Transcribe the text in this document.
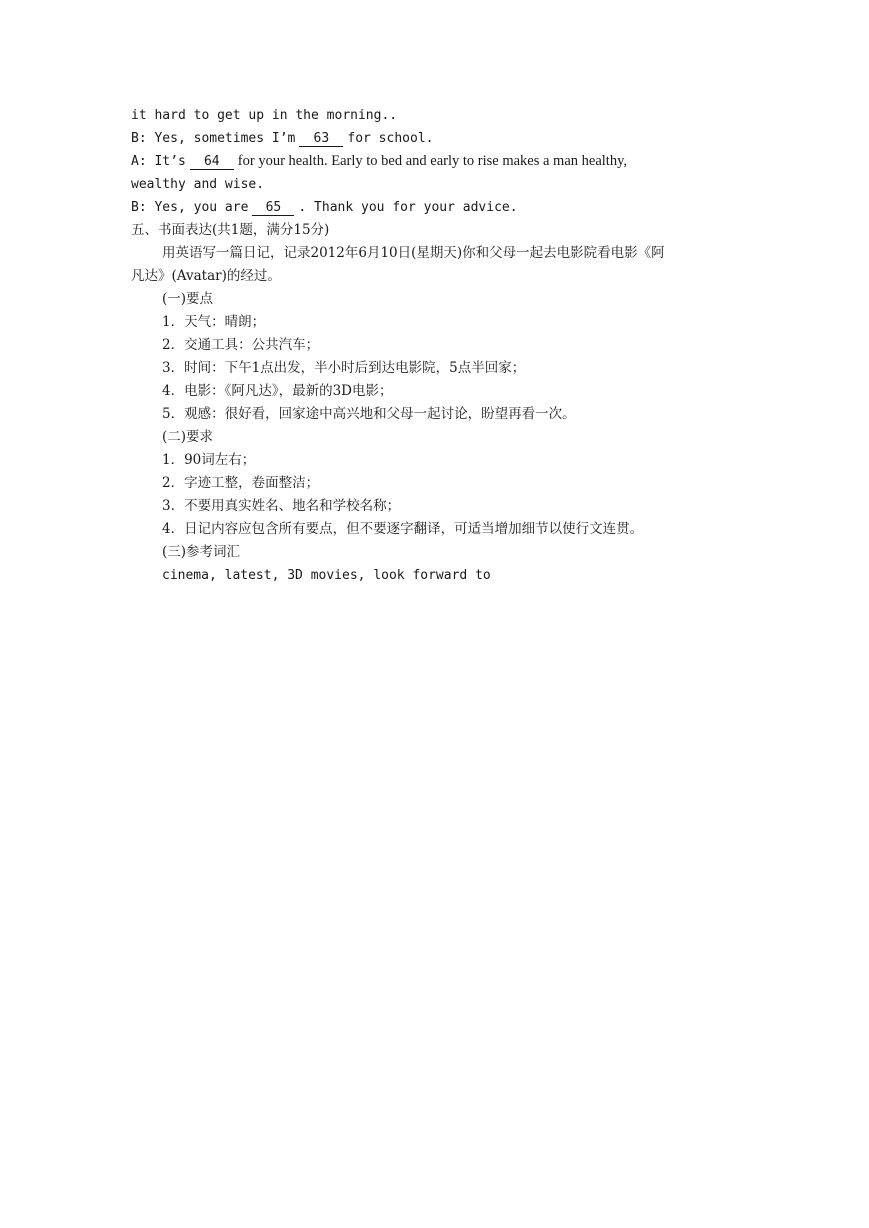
it hard to get up in the morning..
B: Yes, sometimes I’m 63 for school.
A: It’s 64 for your health. Early to bed and early to rise makes a man healthy,
wealthy and wise.
B: Yes, you are 65 . Thank you for your advice.
五、书面表达(共1题，满分15分)
用英语写一篇日记，记录2012年6月10日(星期天)你和父母一起去电影院看电影《阿
凡达》(Avatar)的经过。
(一)要点
1．天气：晴朗；
2．交通工具：公共汽车；
3．时间：下午1点出发，半小时后到达电影院，5点半回家；
4．电影：《阿凡达》，最新的3D电影；
5．观感：很好看，回家途中高兴地和父母一起讨论，盼望再看一次。
(二)要求
1．90词左右；
2．字迹工整，卷面整洁；
3．不要用真实姓名、地名和学校名称；
4．日记内容应包含所有要点，但不要逐字翻译，可适当增加细节以使行文连贯。
(三)参考词汇
cinema, latest, 3D movies, look forward to
